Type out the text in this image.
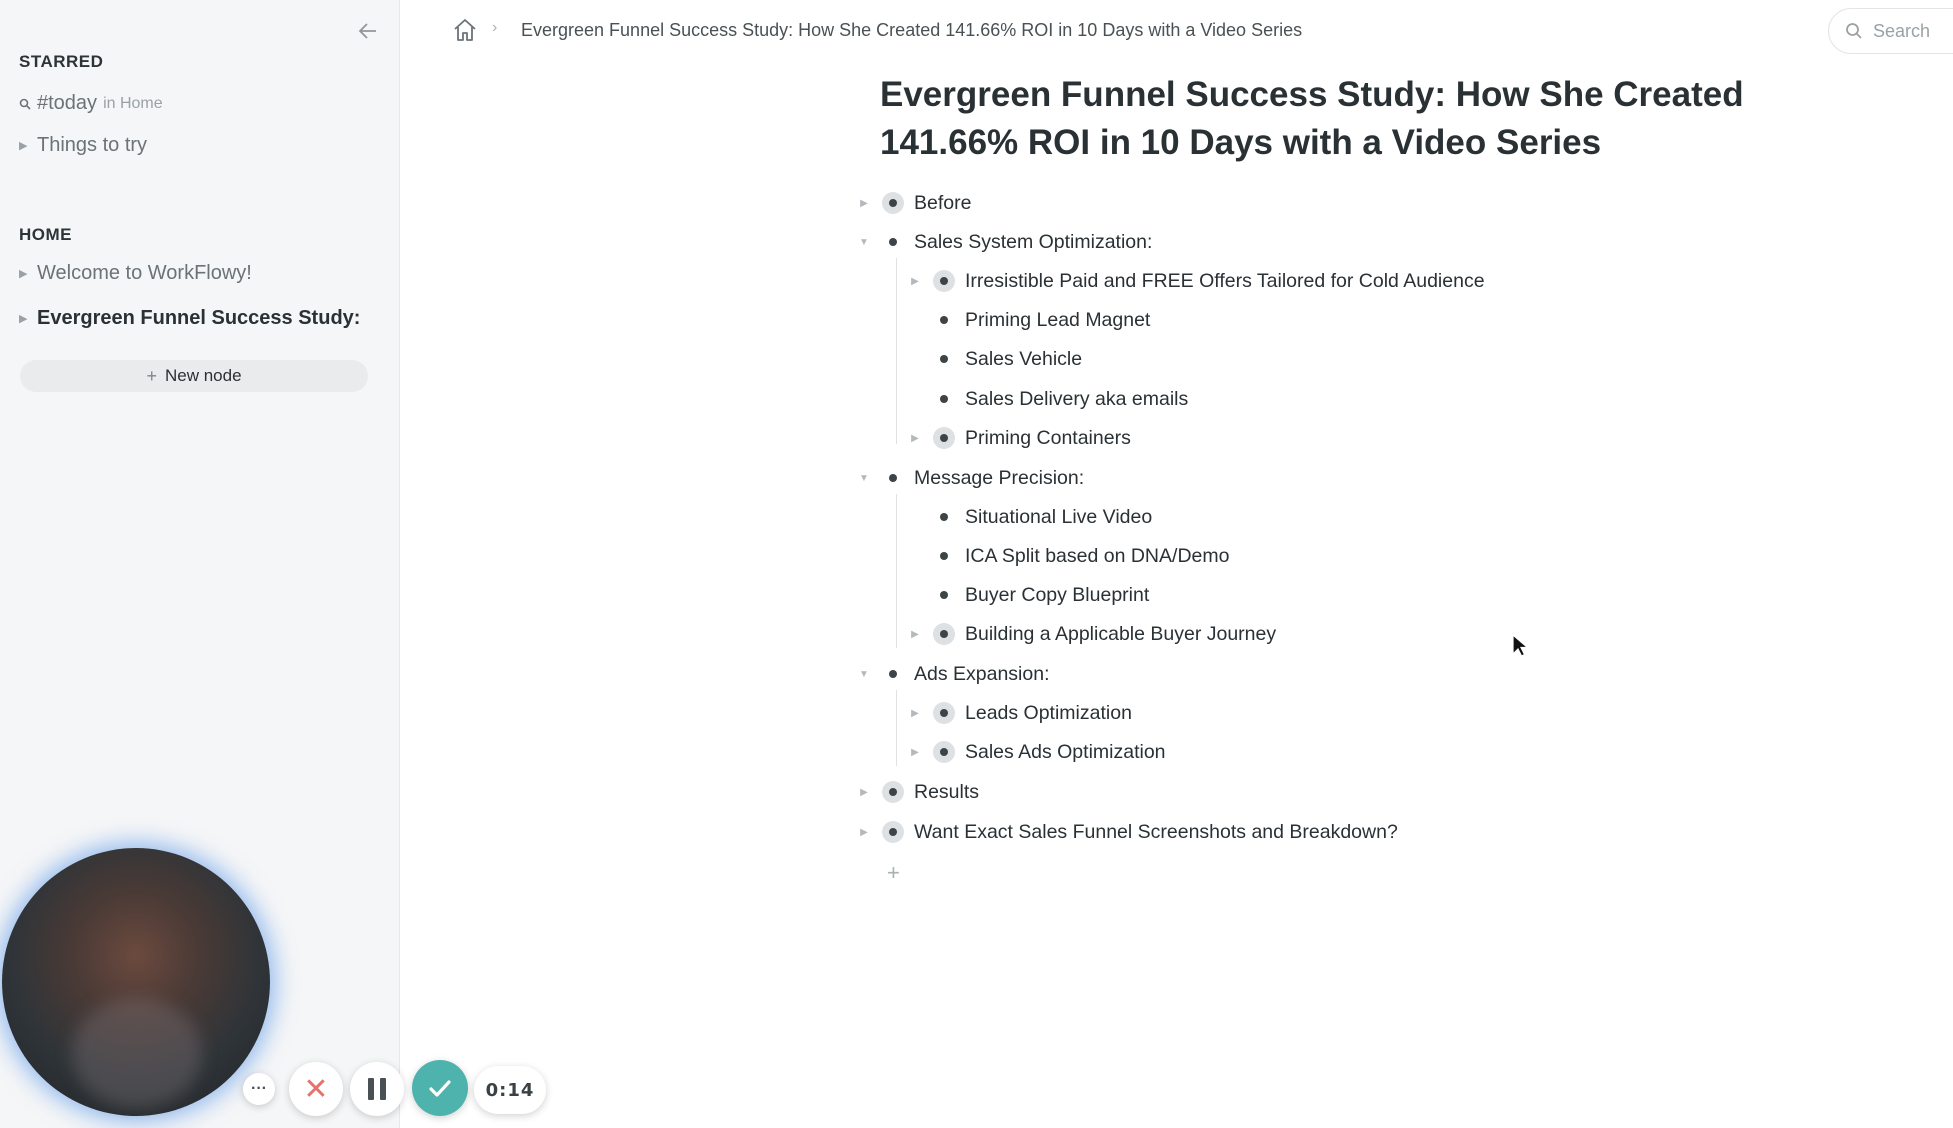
STARRED
#today in Home
▶ Things to try
HOME
▶ Welcome to WorkFlowy!
▶ Evergreen Funnel Success Study:
+ New node
··· ✕	0:14
› Evergreen Funnel Success Study: How She Created 141.66% ROI in 10 Days with a Video Series	Search
Evergreen Funnel Success Study: How She Created 141.66% ROI in 10 Days with a Video Series
▶ Before
▼ Sales System Optimization:
▶ Irresistible Paid and FREE Offers Tailored for Cold Audience
Priming Lead Magnet
Sales Vehicle
Sales Delivery aka emails
▶ Priming Containers
▼ Message Precision:
Situational Live Video
ICA Split based on DNA/Demo
Buyer Copy Blueprint
▶ Building a Applicable Buyer Journey
▼ Ads Expansion:
▶ Leads Optimization
▶ Sales Ads Optimization
▶ Results
▶ Want Exact Sales Funnel Screenshots and Breakdown?
+
